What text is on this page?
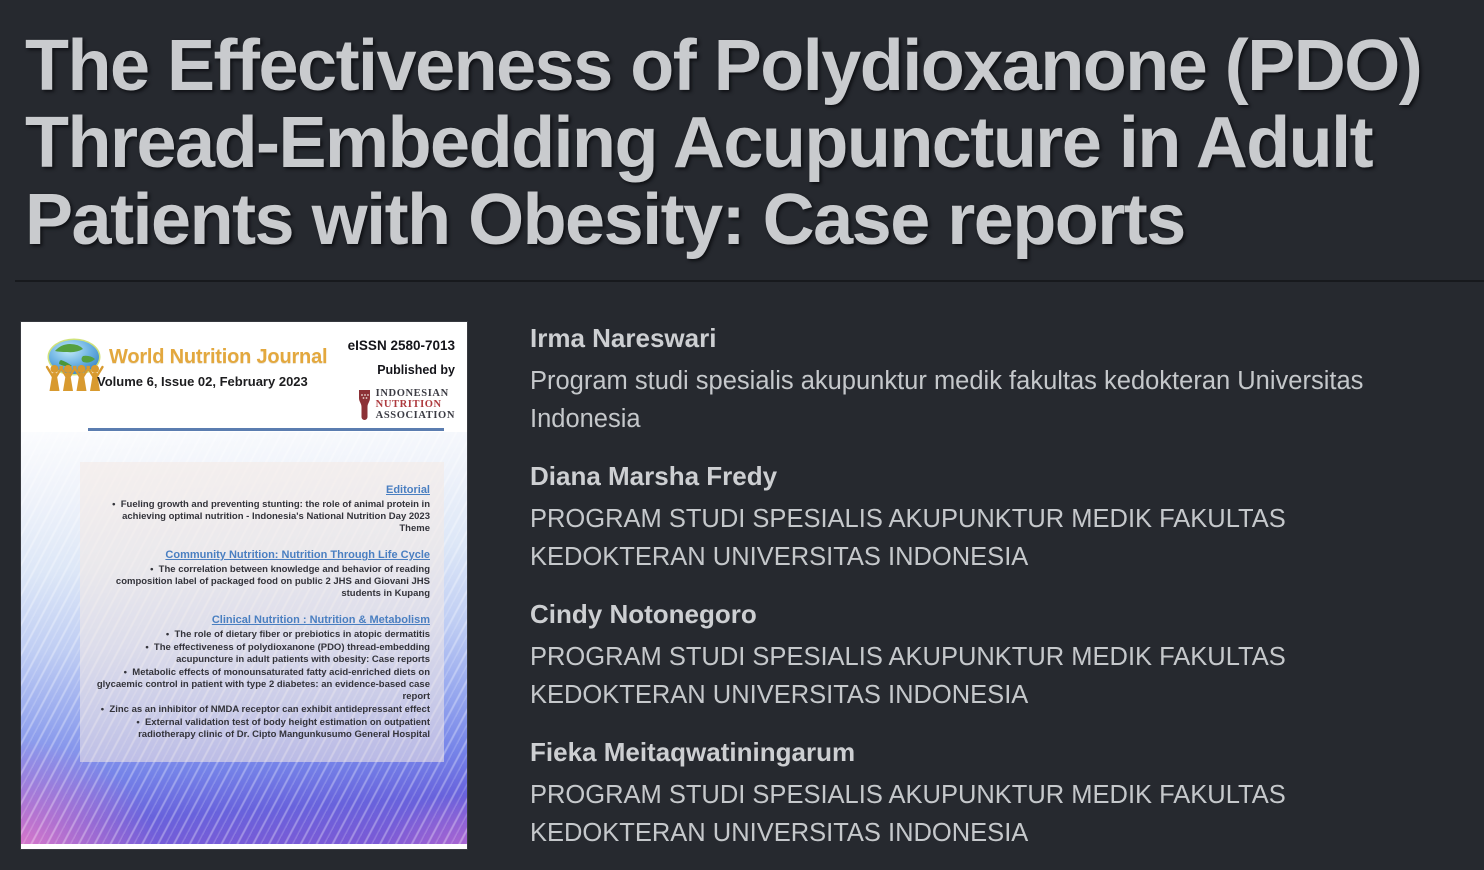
The Effectiveness of Polydioxanone (PDO) Thread-Embedding Acupuncture in Adult Patients with Obesity: Case reports

World Nutrition Journal

Volume 6, Issue 02, February 2023

eISSN 2580-7013

Published by

INDONESIAN
NUTRITION
ASSOCIATION

Editorial

•  Fueling growth and preventing stunting: the role of animal protein in achieving optimal nutrition - Indonesia's National Nutrition Day 2023 Theme

Community Nutrition: Nutrition Through Life Cycle

•  The correlation between knowledge and behavior of reading composition label of packaged food on public 2 JHS and Giovani JHS students in Kupang

Clinical Nutrition : Nutrition & Metabolism

•  The role of dietary fiber or prebiotics in atopic dermatitis

•  The effectiveness of polydioxanone (PDO) thread-embedding acupuncture in adult patients with obesity: Case reports

•  Metabolic effects of monounsaturated fatty acid-enriched diets on glycaemic control in patient with type 2 diabetes: an evidence-based case report

•  Zinc as an inhibitor of NMDA receptor can exhibit antidepressant effect

•  External validation test of body height estimation on outpatient radiotherapy clinic of Dr. Cipto Mangunkusumo General Hospital

Irma Nareswari

Program studi spesialis akupunktur medik fakultas kedokteran Universitas Indonesia

Diana Marsha Fredy

PROGRAM STUDI SPESIALIS AKUPUNKTUR MEDIK FAKULTAS KEDOKTERAN UNIVERSITAS INDONESIA

Cindy Notonegoro

PROGRAM STUDI SPESIALIS AKUPUNKTUR MEDIK FAKULTAS KEDOKTERAN UNIVERSITAS INDONESIA

Fieka Meitaqwatiningarum

PROGRAM STUDI SPESIALIS AKUPUNKTUR MEDIK FAKULTAS KEDOKTERAN UNIVERSITAS INDONESIA
